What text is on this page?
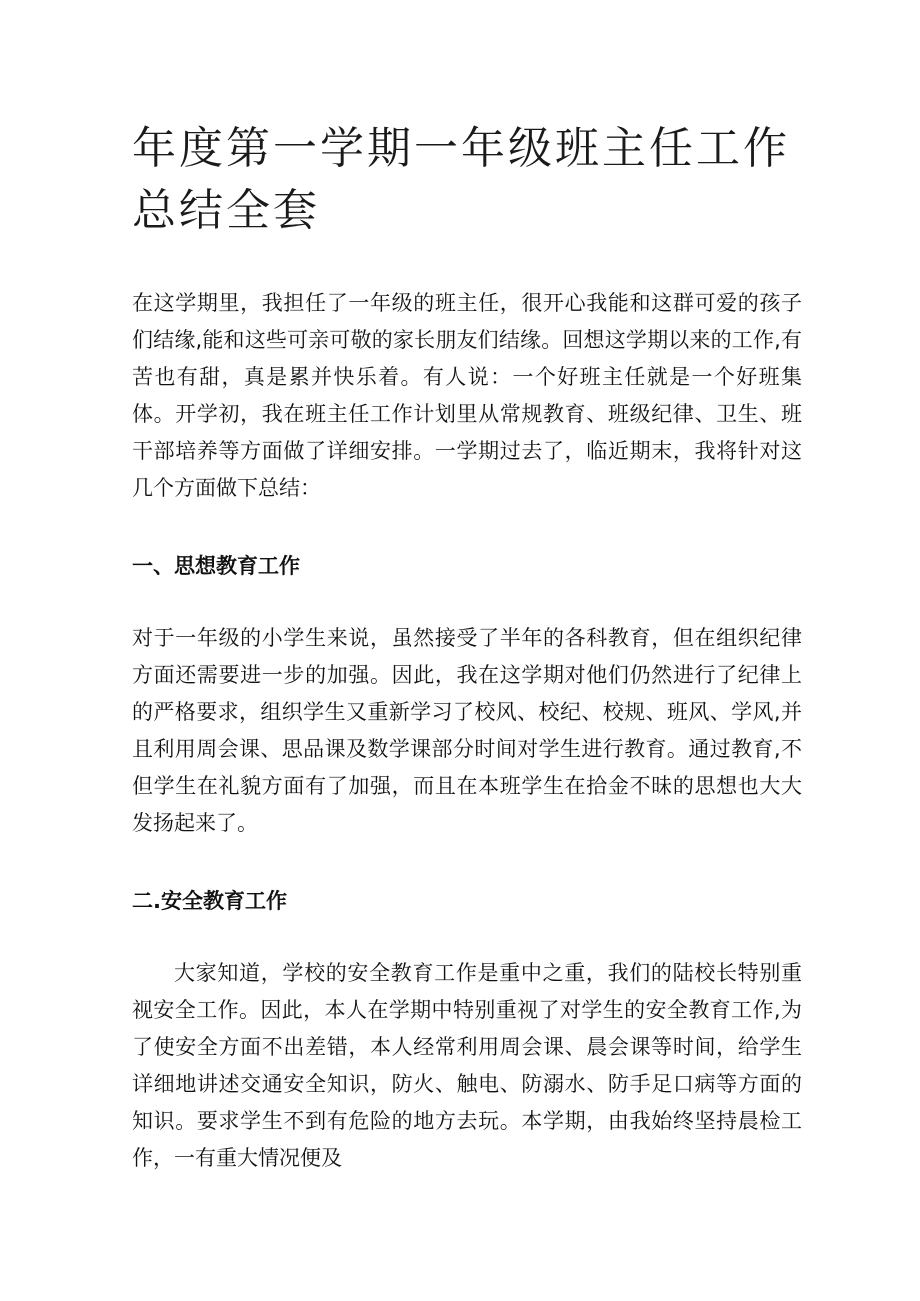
年度第一学期一年级班主任工作总结全套

在这学期里，我担任了一年级的班主任，很开心我能和这群可爱的孩子们结缘,能和这些可亲可敬的家长朋友们结缘。回想这学期以来的工作,有苦也有甜，真是累并快乐着。有人说：一个好班主任就是一个好班集体。开学初，我在班主任工作计划里从常规教育、班级纪律、卫生、班干部培养等方面做了详细安排。一学期过去了，临近期末，我将针对这几个方面做下总结：

一、思想教育工作

对于一年级的小学生来说，虽然接受了半年的各科教育，但在组织纪律方面还需要进一步的加强。因此，我在这学期对他们仍然进行了纪律上的严格要求，组织学生又重新学习了校风、校纪、校规、班风、学风,并且利用周会课、思品课及数学课部分时间对学生进行教育。通过教育,不但学生在礼貌方面有了加强，而且在本班学生在拾金不昧的思想也大大发扬起来了。

二.安全教育工作

大家知道，学校的安全教育工作是重中之重，我们的陆校长特别重视安全工作。因此，本人在学期中特别重视了对学生的安全教育工作,为了使安全方面不出差错，本人经常利用周会课、晨会课等时间，给学生详细地讲述交通安全知识，防火、触电、防溺水、防手足口病等方面的知识。要求学生不到有危险的地方去玩。本学期，由我始终坚持晨检工作，一有重大情况便及
